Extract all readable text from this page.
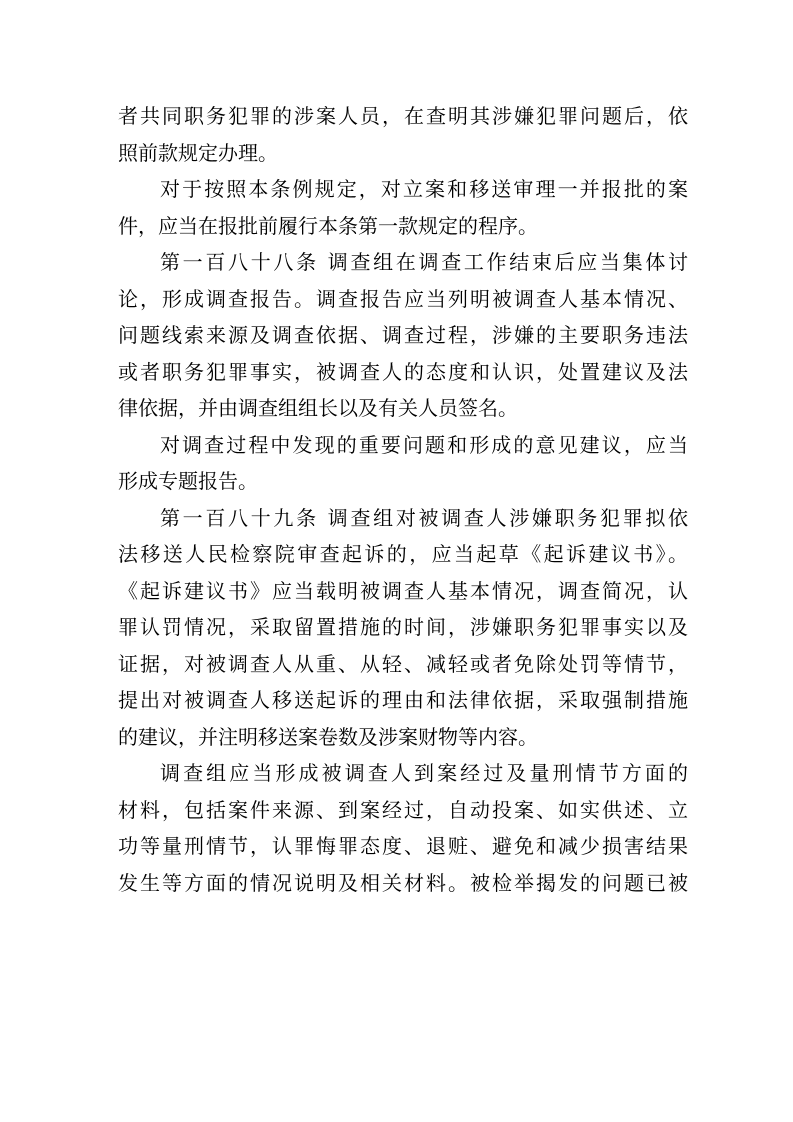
者共同职务犯罪的涉案人员，在查明其涉嫌犯罪问题后，依
照前款规定办理。
对于按照本条例规定，对立案和移送审理一并报批的案
件，应当在报批前履行本条第一款规定的程序。
第一百八十八条 调查组在调查工作结束后应当集体讨
论，形成调查报告。调查报告应当列明被调查人基本情况、
问题线索来源及调查依据、调查过程，涉嫌的主要职务违法
或者职务犯罪事实，被调查人的态度和认识，处置建议及法
律依据，并由调查组组长以及有关人员签名。
对调查过程中发现的重要问题和形成的意见建议，应当
形成专题报告。
第一百八十九条 调查组对被调查人涉嫌职务犯罪拟依
法移送人民检察院审查起诉的，应当起草《起诉建议书》。
《起诉建议书》应当载明被调查人基本情况，调查简况，认
罪认罚情况，采取留置措施的时间，涉嫌职务犯罪事实以及
证据，对被调查人从重、从轻、减轻或者免除处罚等情节，
提出对被调查人移送起诉的理由和法律依据，采取强制措施
的建议，并注明移送案卷数及涉案财物等内容。
调查组应当形成被调查人到案经过及量刑情节方面的
材料，包括案件来源、到案经过，自动投案、如实供述、立
功等量刑情节，认罪悔罪态度、退赃、避免和减少损害结果
发生等方面的情况说明及相关材料。被检举揭发的问题已被
